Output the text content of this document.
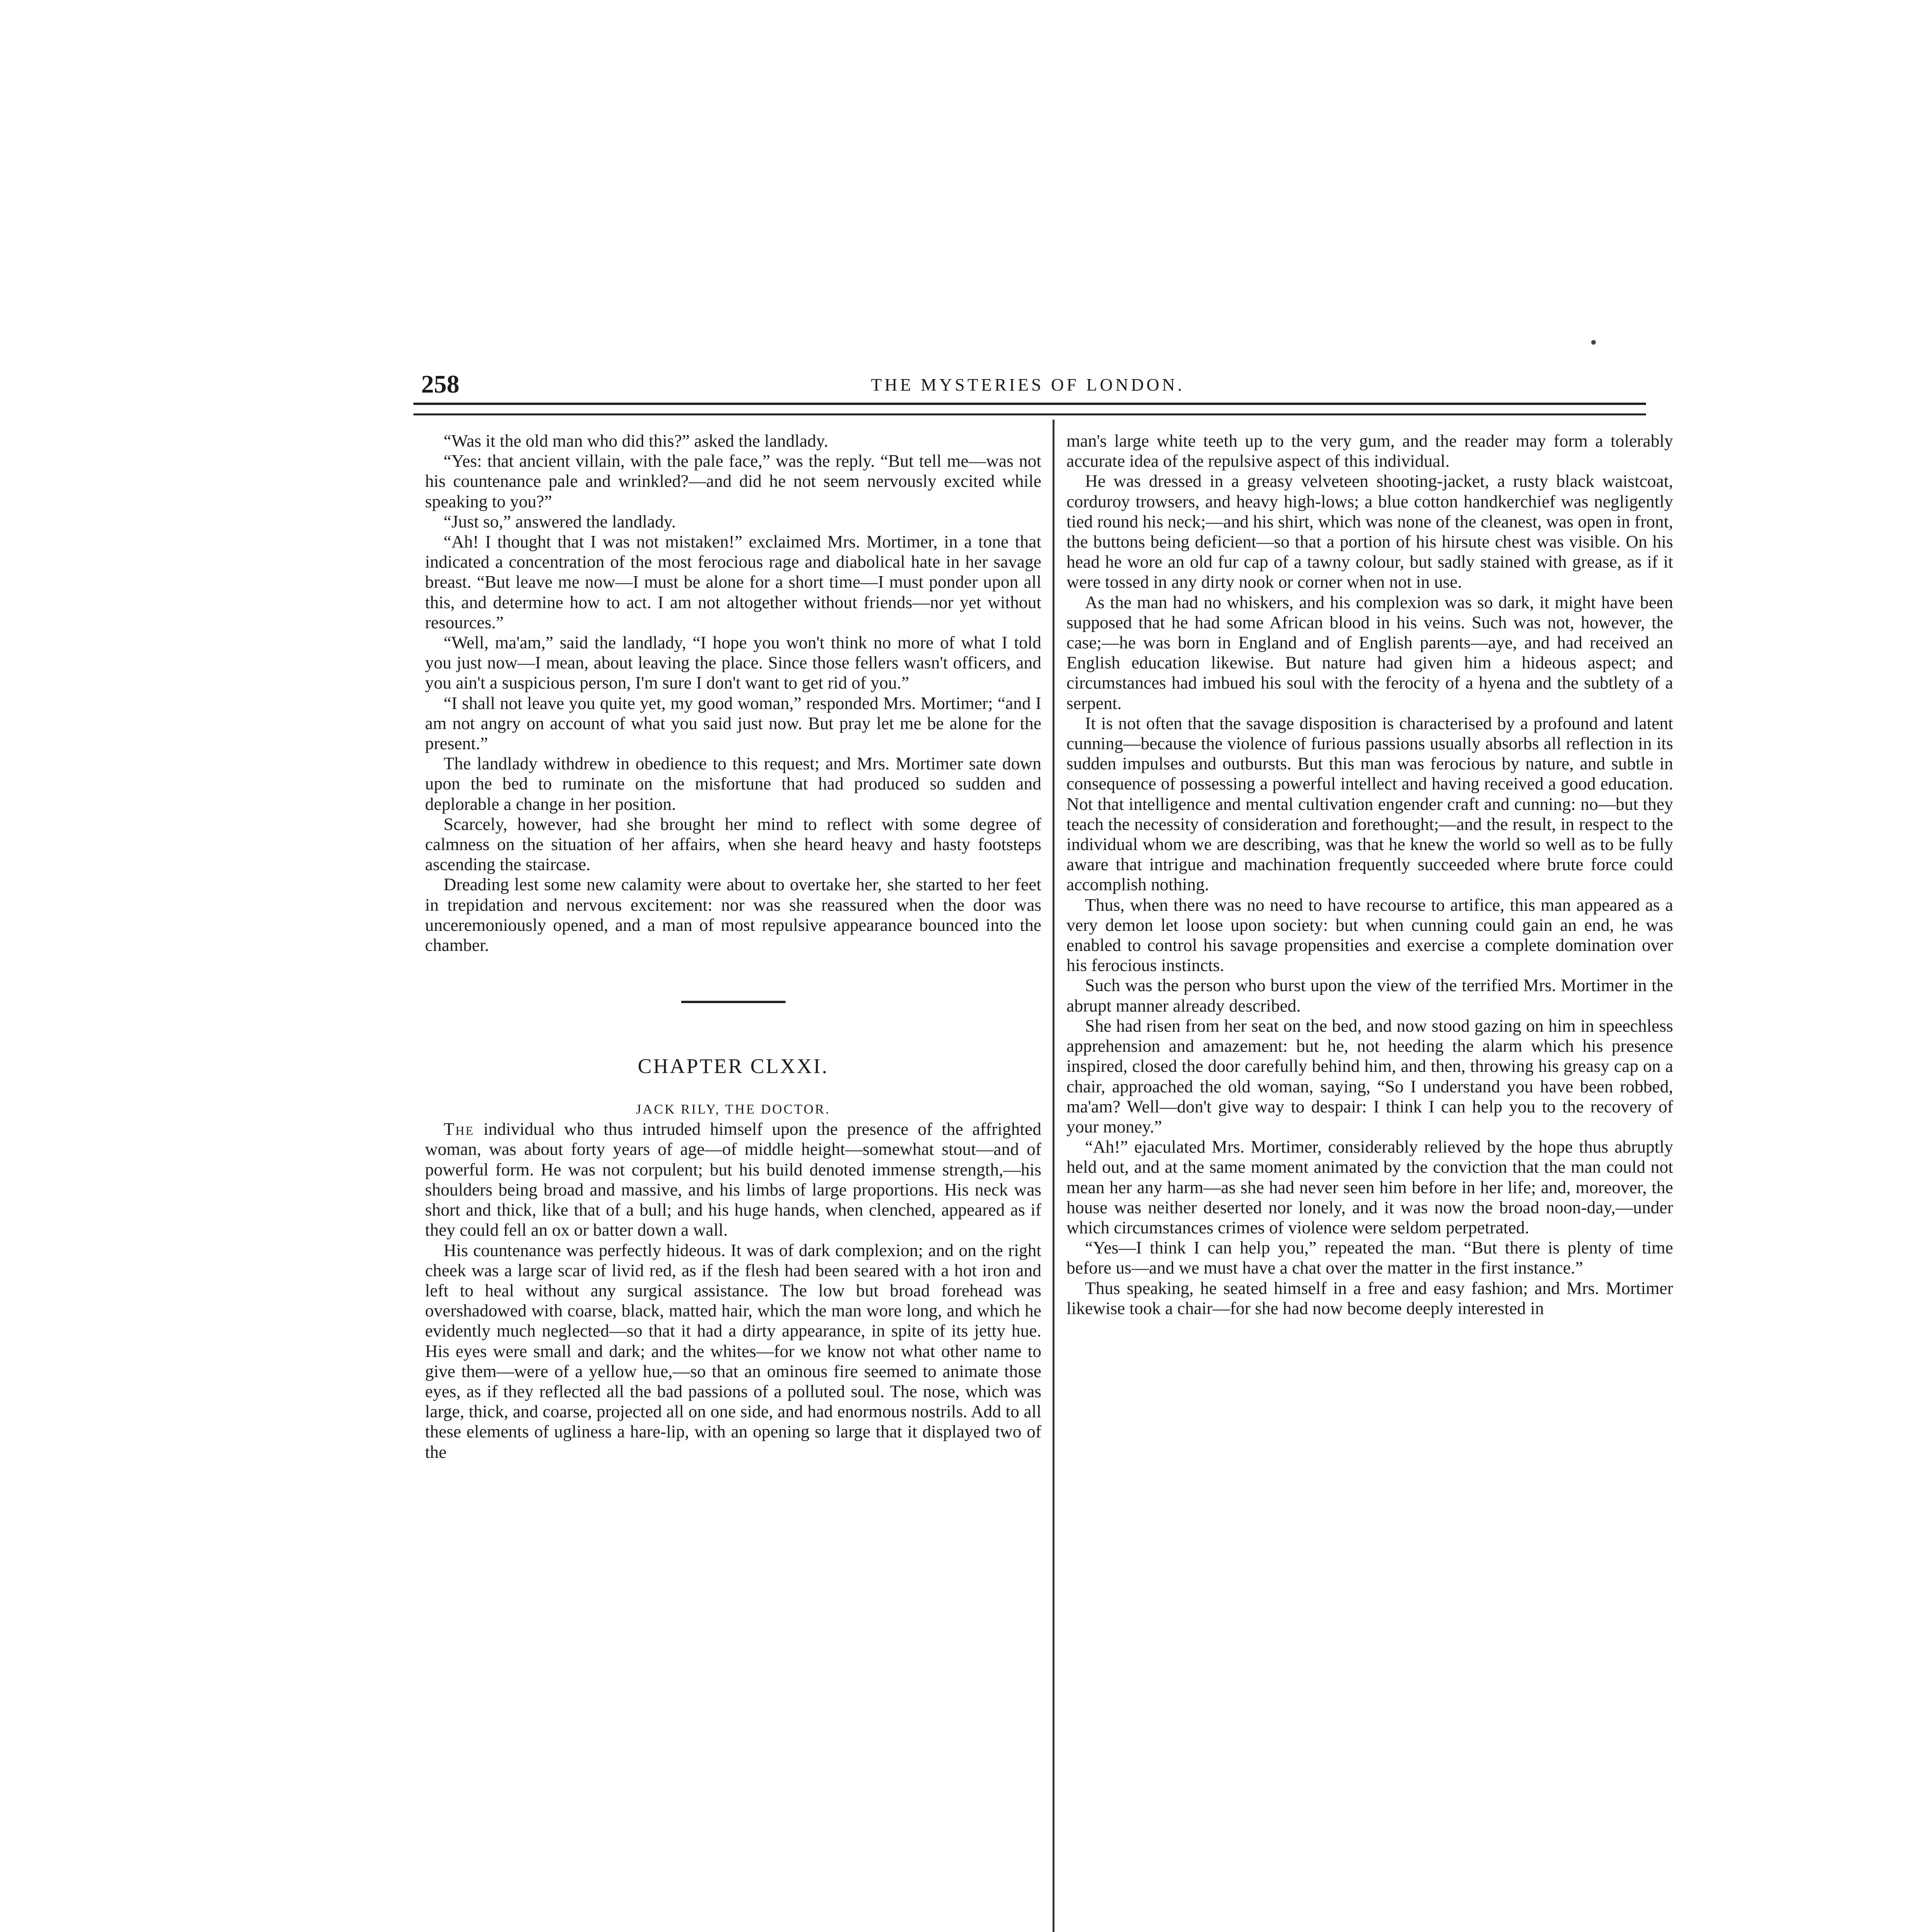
258	THE MYSTERIES OF LONDON.

“Was it the old man who did this?” asked the landlady.

“Yes: that ancient villain, with the pale face,” was the reply. “But tell me—was not his countenance pale and wrinkled?—and did he not seem nervously excited while speaking to you?”

“Just so,” answered the landlady.

“Ah! I thought that I was not mistaken!” exclaimed Mrs. Mortimer, in a tone that indicated a concentration of the most ferocious rage and diabolical hate in her savage breast. “But leave me now—I must be alone for a short time—I must ponder upon all this, and determine how to act. I am not altogether without friends—nor yet without resources.”

“Well, ma'am,” said the landlady, “I hope you won't think no more of what I told you just now—I mean, about leaving the place. Since those fellers wasn't officers, and you ain't a suspicious person, I'm sure I don't want to get rid of you.”

“I shall not leave you quite yet, my good woman,” responded Mrs. Mortimer; “and I am not angry on account of what you said just now. But pray let me be alone for the present.”

The landlady withdrew in obedience to this request; and Mrs. Mortimer sate down upon the bed to ruminate on the misfortune that had produced so sudden and deplorable a change in her position.

Scarcely, however, had she brought her mind to reflect with some degree of calmness on the situation of her affairs, when she heard heavy and hasty footsteps ascending the staircase.

Dreading lest some new calamity were about to overtake her, she started to her feet in trepidation and nervous excitement: nor was she reassured when the door was unceremoniously opened, and a man of most repulsive appearance bounced into the chamber.

CHAPTER CLXXI.
JACK RILY, THE DOCTOR.

The individual who thus intruded himself upon the presence of the affrighted woman, was about forty years of age—of middle height—somewhat stout—and of powerful form. He was not corpulent; but his build denoted immense strength,—his shoulders being broad and massive, and his limbs of large proportions. His neck was short and thick, like that of a bull; and his huge hands, when clenched, appeared as if they could fell an ox or batter down a wall.

His countenance was perfectly hideous. It was of dark complexion; and on the right cheek was a large scar of livid red, as if the flesh had been seared with a hot iron and left to heal without any surgical assistance. The low but broad forehead was overshadowed with coarse, black, matted hair, which the man wore long, and which he evidently much neglected—so that it had a dirty appearance, in spite of its jetty hue. His eyes were small and dark; and the whites—for we know not what other name to give them—were of a yellow hue,—so that an ominous fire seemed to animate those eyes, as if they reflected all the bad passions of a polluted soul. The nose, which was large, thick, and coarse, projected all on one side, and had enormous nostrils. Add to all these elements of ugliness a hare-lip, with an opening so large that it displayed two of the

man's large white teeth up to the very gum, and the reader may form a tolerably accurate idea of the repulsive aspect of this individual.

He was dressed in a greasy velveteen shooting-jacket, a rusty black waistcoat, corduroy trowsers, and heavy high-lows; a blue cotton handkerchief was negligently tied round his neck;—and his shirt, which was none of the cleanest, was open in front, the buttons being deficient—so that a portion of his hirsute chest was visible. On his head he wore an old fur cap of a tawny colour, but sadly stained with grease, as if it were tossed in any dirty nook or corner when not in use.

As the man had no whiskers, and his complexion was so dark, it might have been supposed that he had some African blood in his veins. Such was not, however, the case;—he was born in England and of English parents—aye, and had received an English education likewise. But nature had given him a hideous aspect; and circumstances had imbued his soul with the ferocity of a hyena and the subtlety of a serpent.

It is not often that the savage disposition is characterised by a profound and latent cunning—because the violence of furious passions usually absorbs all reflection in its sudden impulses and outbursts. But this man was ferocious by nature, and subtle in consequence of possessing a powerful intellect and having received a good education. Not that intelligence and mental cultivation engender craft and cunning: no—but they teach the necessity of consideration and forethought;—and the result, in respect to the individual whom we are describing, was that he knew the world so well as to be fully aware that intrigue and machination frequently succeeded where brute force could accomplish nothing.

Thus, when there was no need to have recourse to artifice, this man appeared as a very demon let loose upon society: but when cunning could gain an end, he was enabled to control his savage propensities and exercise a complete domination over his ferocious instincts.

Such was the person who burst upon the view of the terrified Mrs. Mortimer in the abrupt manner already described.

She had risen from her seat on the bed, and now stood gazing on him in speechless apprehension and amazement: but he, not heeding the alarm which his presence inspired, closed the door carefully behind him, and then, throwing his greasy cap on a chair, approached the old woman, saying, “So I understand you have been robbed, ma'am? Well—don't give way to despair: I think I can help you to the recovery of your money.”

“Ah!” ejaculated Mrs. Mortimer, considerably relieved by the hope thus abruptly held out, and at the same moment animated by the conviction that the man could not mean her any harm—as she had never seen him before in her life; and, moreover, the house was neither deserted nor lonely, and it was now the broad noon-day,—under which circumstances crimes of violence were seldom perpetrated.

“Yes—I think I can help you,” repeated the man. “But there is plenty of time before us—and we must have a chat over the matter in the first instance.”

Thus speaking, he seated himself in a free and easy fashion; and Mrs. Mortimer likewise took a chair—for she had now become deeply interested in
